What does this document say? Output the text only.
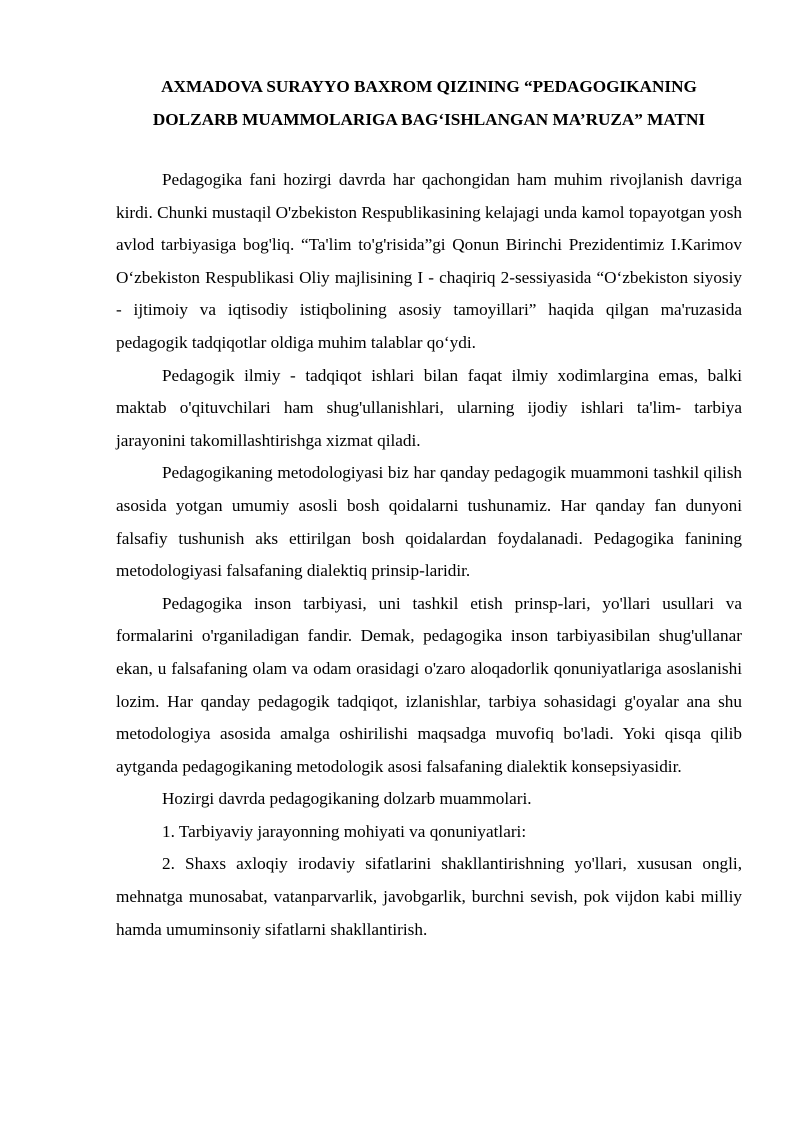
AXMADOVA SURAYYO BAXROM QIZINING “PEDAGOGIKANING
DOLZARB MUAMMOLARIGA BAG‘ISHLANGAN MA’RUZA” MATNI

Pedagogika fani hozirgi davrda har qachongidan ham muhim rivojlanish davriga kirdi. Chunki mustaqil O'zbekiston Respublikasining kelajagi unda kamol topayotgan yosh avlod tarbiyasiga bog'liq. “Ta'lim to'g'risida”gi Qonun Birinchi Prezidentimiz I.Karimov O‘zbekiston Respublikasi Oliy majlisining I - chaqiriq 2-sessiyasida “O‘zbekiston siyosiy - ijtimoiy va iqtisodiy istiqbolining asosiy tamoyillari” haqida qilgan ma'ruzasida pedagogik tadqiqotlar oldiga muhim talablar qo‘ydi.

Pedagogik ilmiy - tadqiqot ishlari bilan faqat ilmiy xodimlargina emas, balki maktab o'qituvchilari ham shug'ullanishlari, ularning ijodiy ishlari ta'lim- tarbiya jarayonini takomillashtirishga xizmat qiladi.

Pedagogikaning metodologiyasi biz har qanday pedagogik muammoni tashkil qilish asosida yotgan umumiy asosli bosh qoidalarni tushunamiz. Har qanday fan dunyoni falsafiy tushunish aks ettirilgan bosh qoidalardan foydalanadi. Pedagogika fanining metodologiyasi falsafaning dialektiq prinsip-laridir.

Pedagogika inson tarbiyasi, uni tashkil etish prinsp-lari, yo'llari usullari va formalarini o'rganiladigan fandir. Demak, pedagogika inson tarbiyasibilan shug'ullanar ekan, u falsafaning olam va odam orasidagi o'zaro aloqadorlik qonuniyatlariga asoslanishi lozim. Har qanday pedagogik tadqiqot, izlanishlar, tarbiya sohasidagi g'oyalar ana shu metodologiya asosida amalga oshirilishi maqsadga muvofiq bo'ladi. Yoki qisqa qilib aytganda pedagogikaning metodologik asosi falsafaning dialektik konsepsiyasidir.

Hozirgi davrda pedagogikaning dolzarb muammolari.

1. Tarbiyaviy jarayonning mohiyati va qonuniyatlari:

2. Shaxs axloqiy irodaviy sifatlarini shakllantirishning yo'llari, xususan ongli, mehnatga munosabat, vatanparvarlik, javobgarlik, burchni sevish, pok vijdon kabi milliy hamda umuminsoniy sifatlarni shakllantirish.
